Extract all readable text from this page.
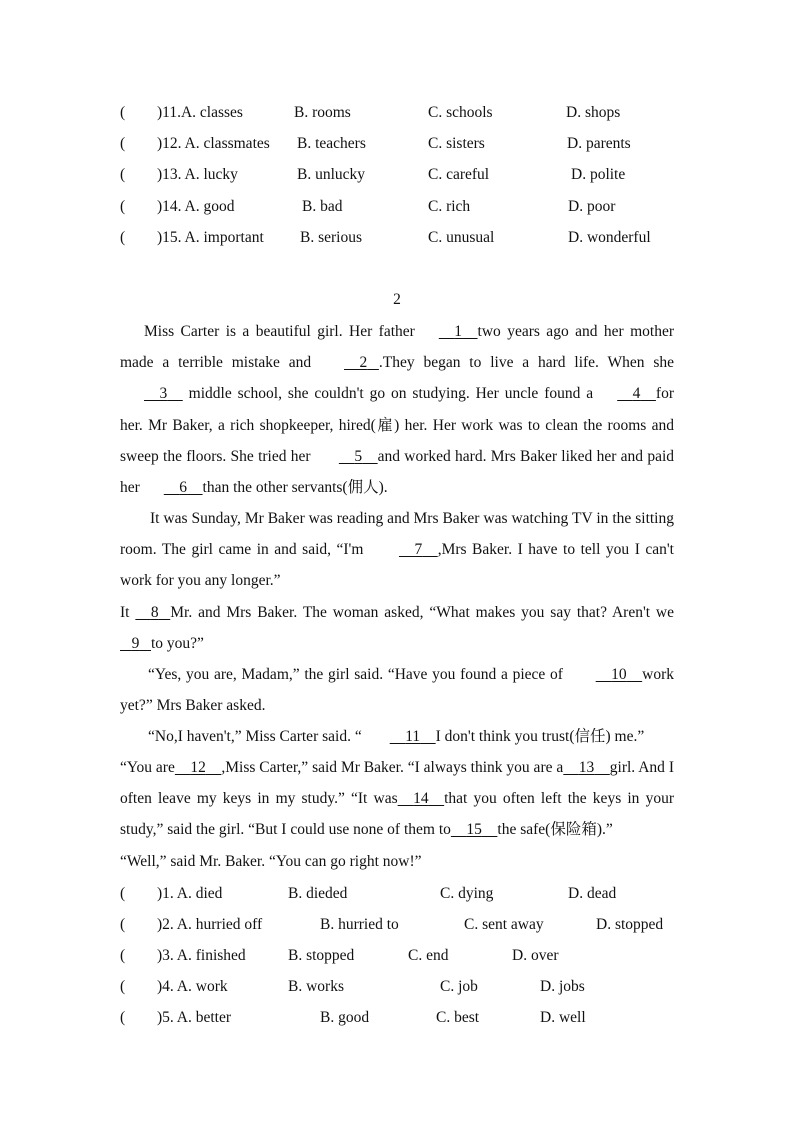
( )11.A. classes	B. rooms	C. schools	D. shops
( )12. A. classmates B. teachers	C. sisters	D. parents
( )13. A. lucky	B. unlucky	C. careful	D. polite
( )14. A. good	B. bad	C. rich	D. poor
( )15. A. important B. serious	C. unusual	D. wonderful
2

Miss Carter is a beautiful girl. Her father	1 two years ago and her mother made a terrible mistake and	2 .They began to live a hard life. When she     3 middle school, she couldn't go on studying. Her uncle found a	4 for her. Mr Baker, a rich shopkeeper, hired(雇) her. Her work was to clean the rooms and sweep the floors. She tried her	5 and worked hard. Mrs Baker liked her and paid her	6 than the other servants(佣人).

It was Sunday, Mr Baker was reading and Mrs Baker was watching TV in the sitting room. The girl came in and said, “I'm	7 ,Mrs Baker. I have to tell you I can't work for you any longer.”

It 8 Mr. and Mrs Baker. The woman asked, “What makes you say that? Aren't we    9 to you?”

“Yes, you are, Madam,” the girl said. “Have you found a piece of	10 work yet?” Mrs Baker asked.

“No,I haven't,” Miss Carter said. “	11 I don't think you trust(信任) me.”

“You are 12 ,Miss Carter,” said Mr Baker. “I always think you are a 13 girl. And I often leave my keys in my study.” “It was 14 that you often left the keys in your study,” said the girl. “But I could use none of them to 15 the safe(保险箱).”

“Well,” said Mr. Baker. “You can go right now!”

( )1. A. died	B. dieded	C. dying	D. dead
( )2. A. hurried off	B. hurried to	C. sent away	D. stopped
( )3. A. finished	B. stopped	C. end	D. over
( )4. A. work	B. works	C. job	D. jobs
( )5. A. better	B. good	C. best	D. well
